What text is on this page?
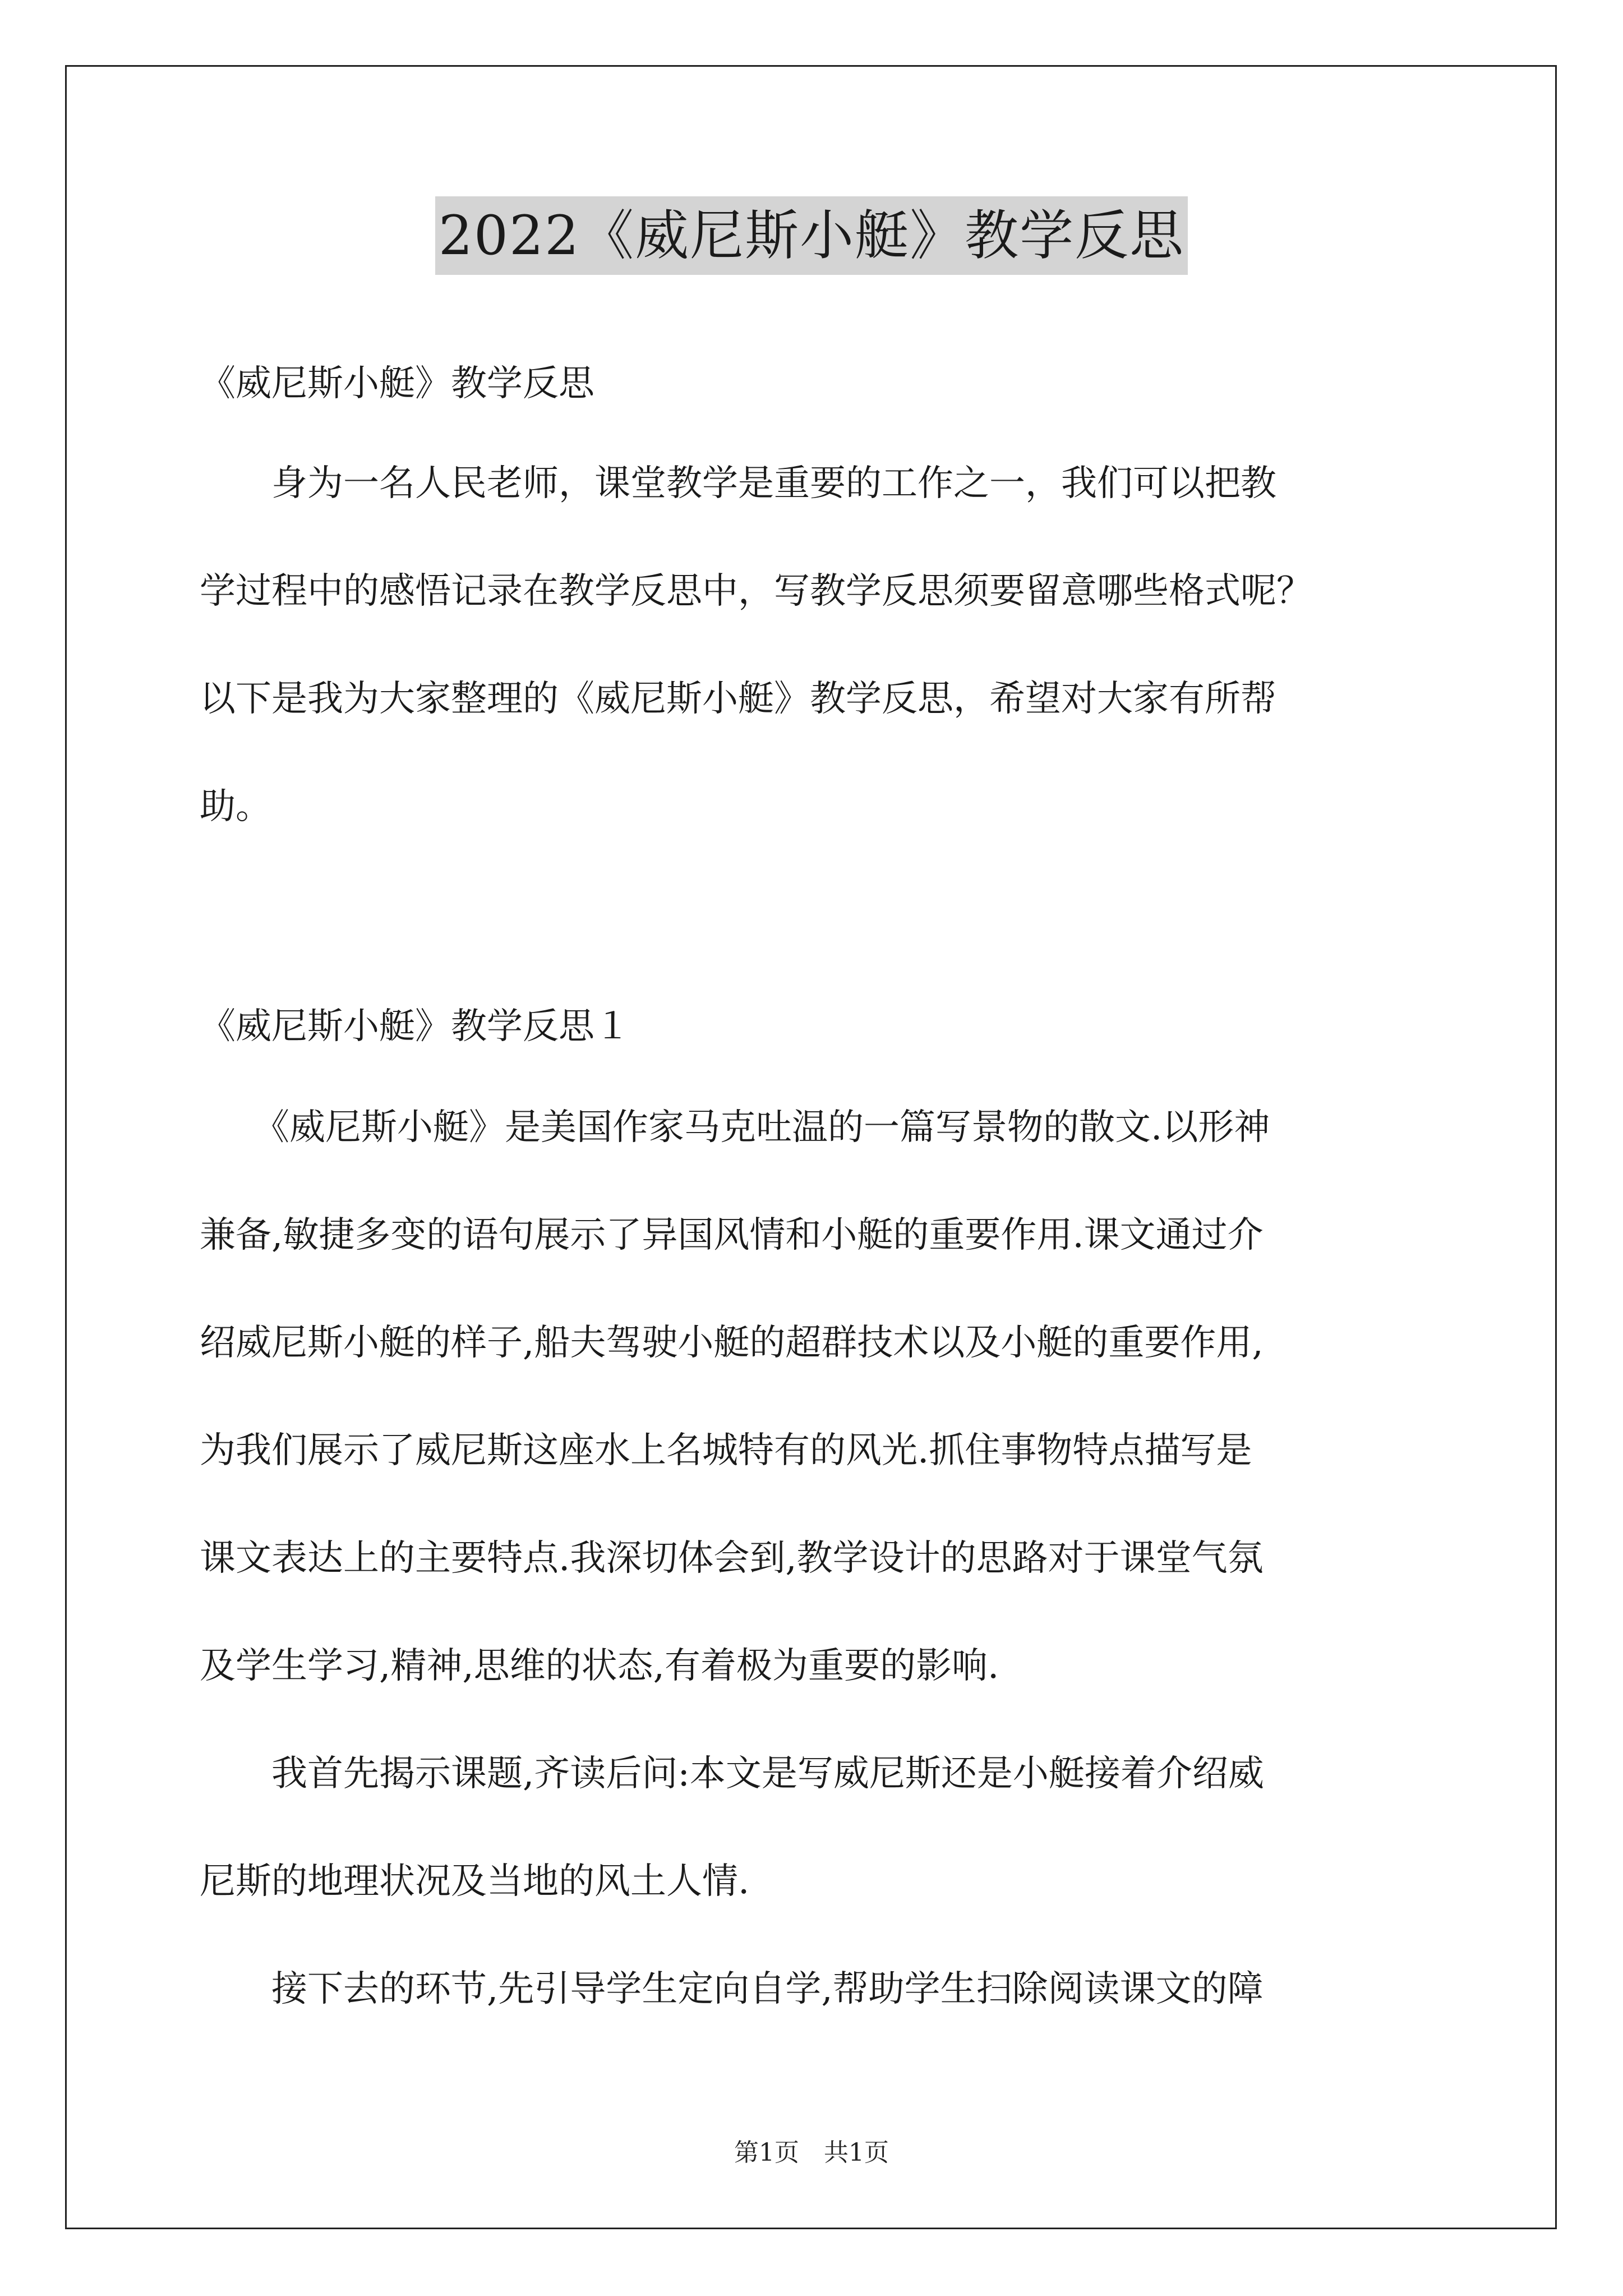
2022《威尼斯小艇》教学反思

《威尼斯小艇》教学反思

　　身为一名人民老师，课堂教学是重要的工作之一，我们可以把教

学过程中的感悟记录在教学反思中，写教学反思须要留意哪些格式呢？

以下是我为大家整理的《威尼斯小艇》教学反思，希望对大家有所帮

助。

《威尼斯小艇》教学反思１

　　《威尼斯小艇》是美国作家马克吐温的一篇写景物的散文.以形神

兼备,敏捷多变的语句展示了异国风情和小艇的重要作用.课文通过介

绍威尼斯小艇的样子,船夫驾驶小艇的超群技术以及小艇的重要作用,

为我们展示了威尼斯这座水上名城特有的风光.抓住事物特点描写是

课文表达上的主要特点.我深切体会到,教学设计的思路对于课堂气氛

及学生学习,精神,思维的状态,有着极为重要的影响.

　　我首先揭示课题,齐读后问:本文是写威尼斯还是小艇接着介绍威

尼斯的地理状况及当地的风土人情.

　　接下去的环节,先引导学生定向自学,帮助学生扫除阅读课文的障

第1页　共1页
